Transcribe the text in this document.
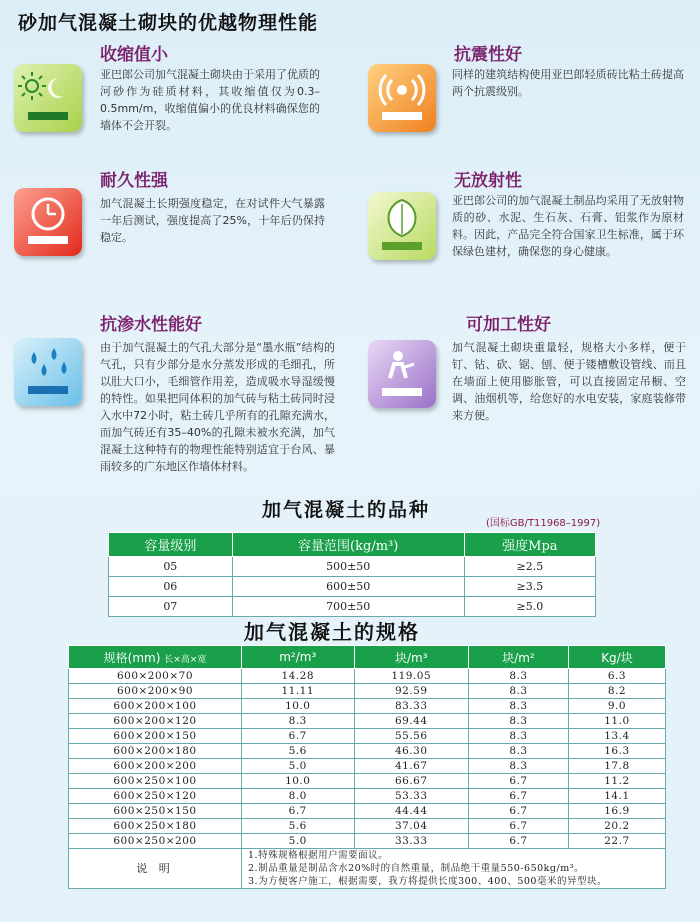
砂加气混凝土砌块的优越物理性能
收缩值小
亚巴郎公司加气混凝土砌块由于采用了优质的河砂作为硅质材料，其收缩值仅为0.3–0.5mm/m，收缩值偏小的优良材料确保您的墙体不会开裂。
抗震性好
同样的建筑结构使用亚巴郎轻质砖比粘土砖提高两个抗震级别。
耐久性强
加气混凝土长期强度稳定，在对试件大气暴露一年后测试，强度提高了25%，十年后仍保持稳定。
无放射性
亚巴郎公司的加气混凝土制品均采用了无放射物质的砂、水泥、生石灰、石膏、铝浆作为原材料。因此，产品完全符合国家卫生标准，属于环保绿色建材，确保您的身心健康。
抗渗水性能好
由于加气混凝土的气孔大部分是“墨水瓶”结构的气孔，只有少部分是水分蒸发形成的毛细孔，所以肚大口小，毛细管作用差，造成吸水导湿缓慢的特性。如果把同体积的加气砖与粘土砖同时浸入水中72小时，粘土砖几乎所有的孔隙充满水，而加气砖还有35–40%的孔隙未被水充满，加气混凝土这种特有的物理性能特别适宜于台风、暴雨较多的广东地区作墙体材料。
可加工性好
加气混凝土砌块重量轻，规格大小多样，便于钉、钻、砍、锯、刨、便于镂槽敷设管线、而且在墙面上使用膨胀管，可以直接固定吊橱、空调、油烟机等，给您好的水电安装，家庭装修带来方便。
加气混凝土的品种
(国标GB/T11968–1997)
容量级别	容量范围(kg/m³)	强度Mpa
05	500±50	≥2.5
06	600±50	≥3.5
07	700±50	≥5.0
加气混凝土的规格
规格(mm) 长×高×宽	m²/m³	块/m³	块/m²	Kg/块
600×200×70	14.28	119.05	8.3	6.3
600×200×90	11.11	92.59	8.3	8.2
600×200×100	10.0	83.33	8.3	9.0
600×200×120	8.3	69.44	8.3	11.0
600×200×150	6.7	55.56	8.3	13.4
600×200×180	5.6	46.30	8.3	16.3
600×200×200	5.0	41.67	8.3	17.8
600×250×100	10.0	66.67	6.7	11.2
600×250×120	8.0	53.33	6.7	14.1
600×250×150	6.7	44.44	6.7	16.9
600×250×180	5.6	37.04	6.7	20.2
600×250×200	5.0	33.33	6.7	22.7
说 明	1.特殊规格根据用户需要面议。
2.制品重量是制品含水20%时的自然重量，制品绝干重量550-650kg/m³。
3.为方便客户施工，根据需要，我方将提供长度300、400、500毫米的异型块。			
